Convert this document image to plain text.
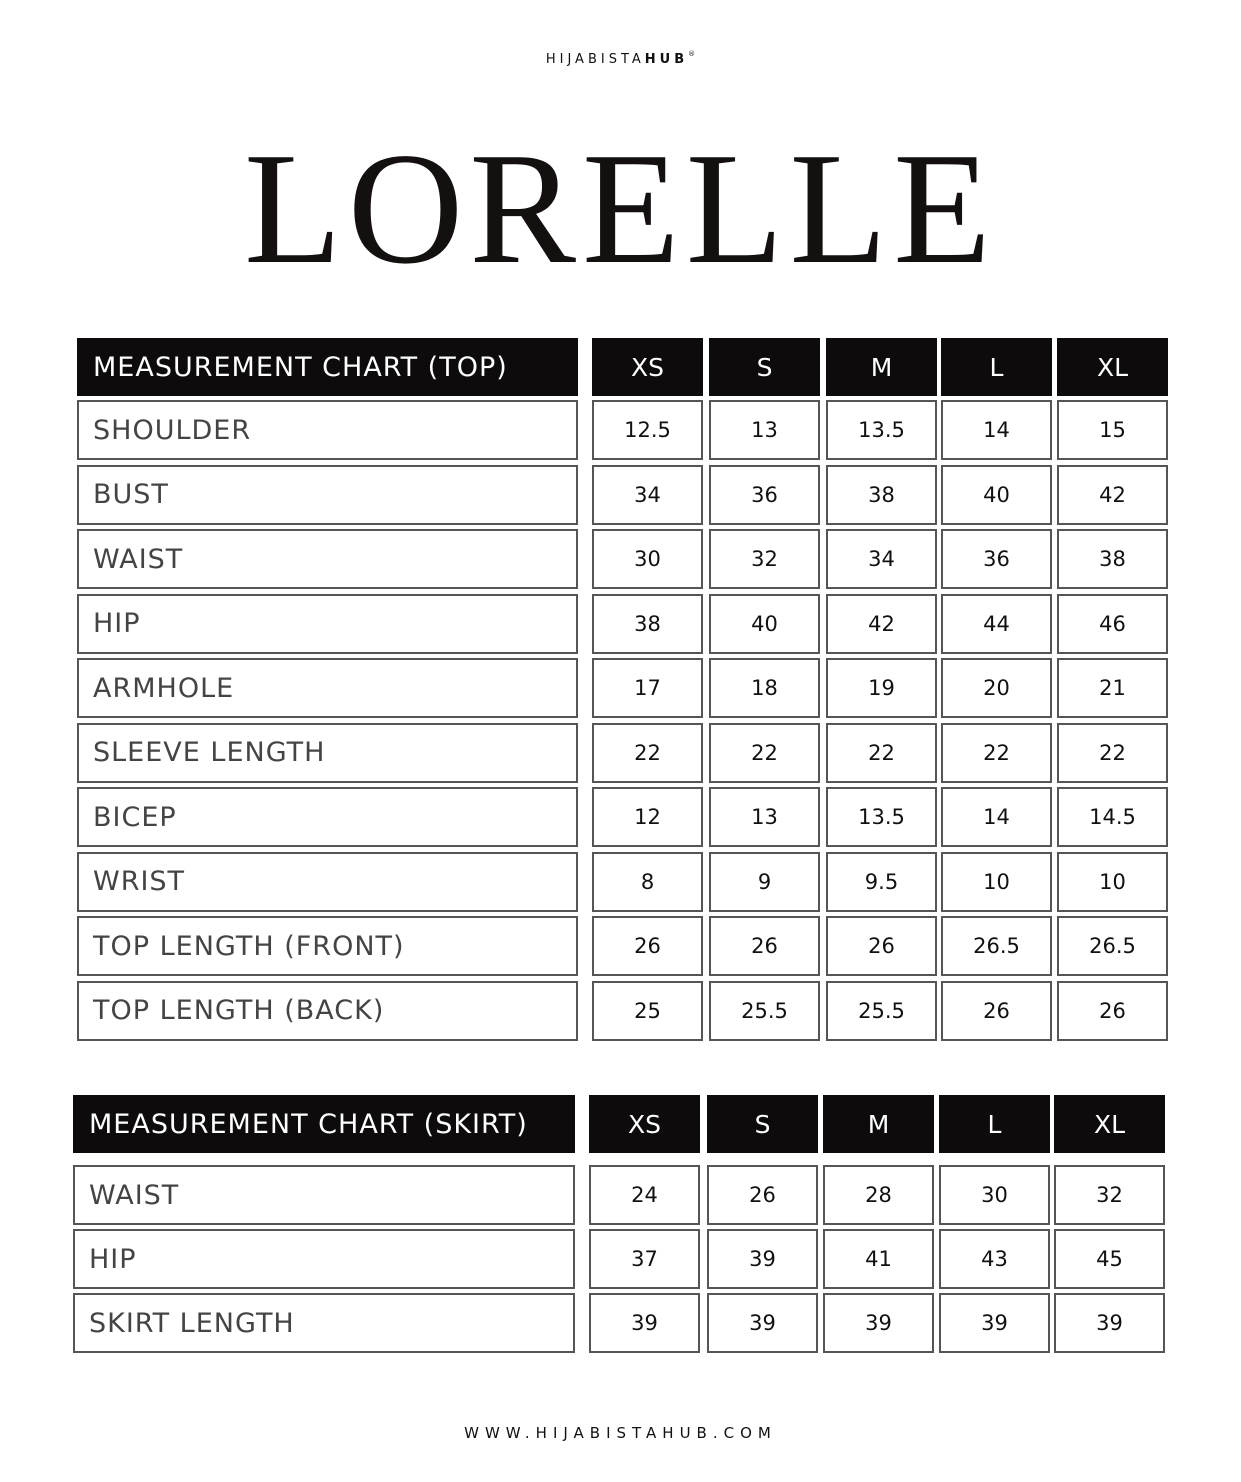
HIJABISTAHUB®
LORELLE
MEASUREMENT CHART (TOP)	XS	S	M	L	XL
SHOULDER	12.5	13	13.5	14	15
BUST	34	36	38	40	42
WAIST	30	32	34	36	38
HIP	38	40	42	44	46
ARMHOLE	17	18	19	20	21
SLEEVE LENGTH	22	22	22	22	22
BICEP	12	13	13.5	14	14.5
WRIST	8	9	9.5	10	10
TOP LENGTH (FRONT)	26	26	26	26.5	26.5
TOP LENGTH (BACK)	25	25.5	25.5	26	26
MEASUREMENT CHART (SKIRT)	XS	S	M	L	XL
WAIST	24	26	28	30	32
HIP	37	39	41	43	45
SKIRT LENGTH	39	39	39	39	39
WWW.HIJABISTAHUB.COM
